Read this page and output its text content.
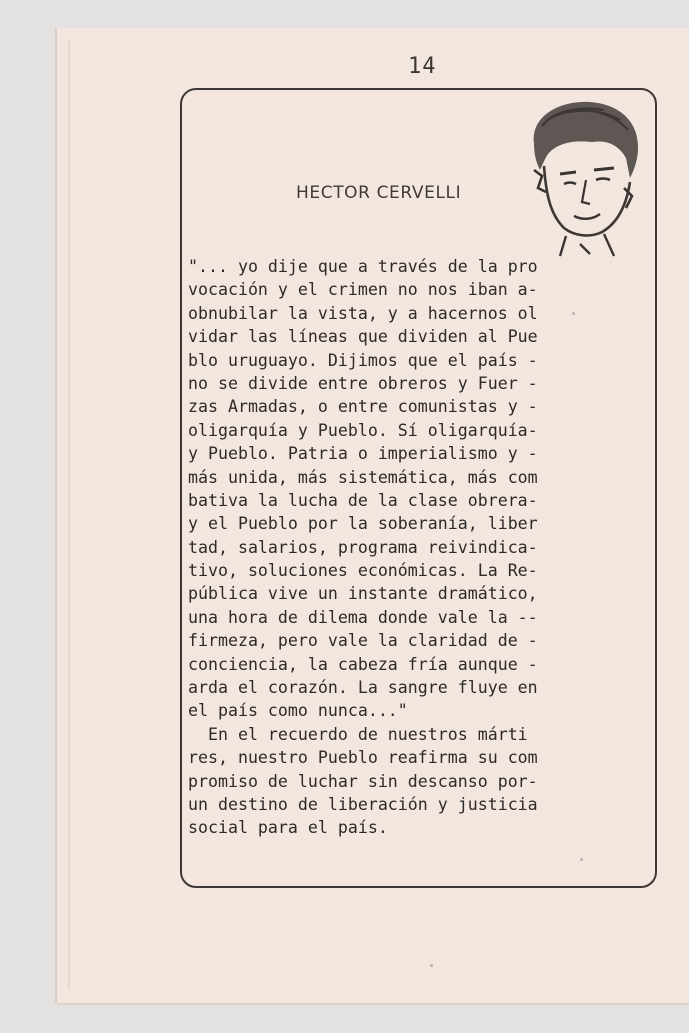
14
HECTOR CERVELLI
"... yo dije que a través de la pro
vocación y el crimen no nos iban a-
obnubilar la vista, y a hacernos ol
vidar las líneas que dividen al Pue
blo uruguayo. Dijimos que el país -
no se divide entre obreros y Fuer -
zas Armadas, o entre comunistas y -
oligarquía y Pueblo. Sí oligarquía-
y Pueblo. Patria o imperialismo y -
más unida, más sistemática, más com
bativa la lucha de la clase obrera-
y el Pueblo por la soberanía, liber
tad, salarios, programa reivindica-
tivo, soluciones económicas. La Re-
pública vive un instante dramático,
una hora de dilema donde vale la --
firmeza, pero vale la claridad de -
conciencia, la cabeza fría aunque -
arda el corazón. La sangre fluye en
el país como nunca..."
En el recuerdo de nuestros márti
res, nuestro Pueblo reafirma su com
promiso de luchar sin descanso por-
un destino de liberación y justicia
social para el país.
